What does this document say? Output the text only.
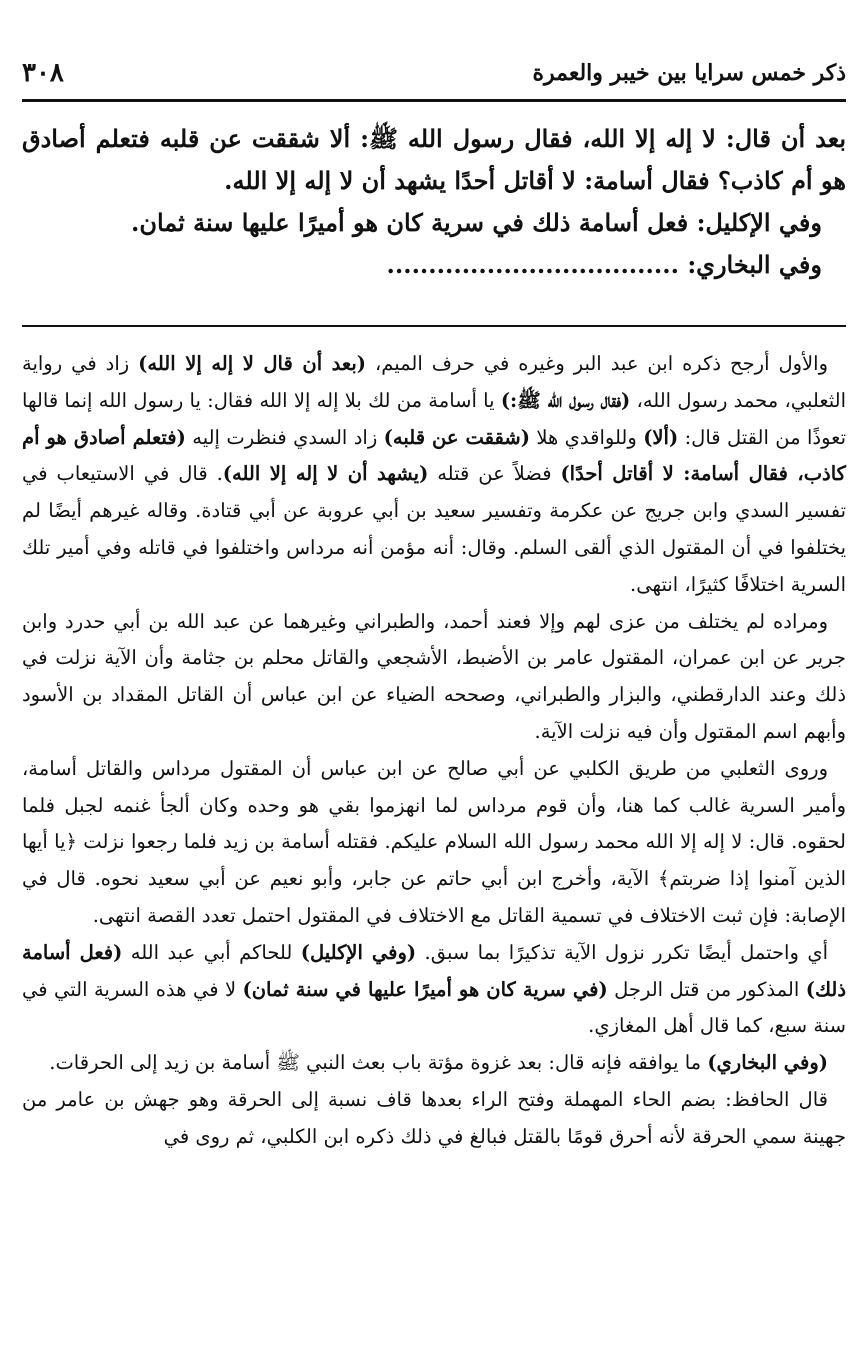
٣٠٨	ذكر خمس سرايا بين خيبر والعمرة

بعد أن قال: لا إله إلا الله، فقال رسول الله ﷺ: ألا شققت عن قلبه فتعلم أصادق هو أم كاذب؟ فقال أسامة: لا أقاتل أحدًا يشهد أن لا إله إلا الله.

وفي الإكليل: فعل أسامة ذلك في سرية كان هو أميرًا عليها سنة ثمان.

وفي البخاري: ...................................

والأول أرجح ذكره ابن عبد البر وغيره في حرف الميم، (بعد أن قال لا إله إلا الله) زاد في رواية الثعلبي، محمد رسول الله، (فقال رسول الله ﷺ:) يا أسامة من لك بلا إله إلا الله فقال: يا رسول الله إنما قالها تعوذًا من القتل قال: (ألا) وللواقدي هلا (شققت عن قلبه) زاد السدي فنظرت إليه (فتعلم أصادق هو أم كاذب، فقال أسامة: لا أقاتل أحدًا) فضلاً عن قتله (يشهد أن لا إله إلا الله). قال في الاستيعاب في تفسير السدي وابن جريج عن عكرمة وتفسير سعيد بن أبي عروبة عن أبي قتادة. وقاله غيرهم أيضًا لم يختلفوا في أن المقتول الذي ألقى السلم. وقال: أنه مؤمن أنه مرداس واختلفوا في قاتله وفي أمير تلك السرية اختلافًا كثيرًا، انتهى.

ومراده لم يختلف من عزى لهم وإلا فعند أحمد، والطبراني وغيرهما عن عبد الله بن أبي حدرد وابن جرير عن ابن عمران، المقتول عامر بن الأضبط، الأشجعي والقاتل محلم بن جثامة وأن الآية نزلت في ذلك وعند الدارقطني، والبزار والطبراني، وصححه الضياء عن ابن عباس أن القاتل المقداد بن الأسود وأبهم اسم المقتول وأن فيه نزلت الآية.

وروى الثعلبي من طريق الكلبي عن أبي صالح عن ابن عباس أن المقتول مرداس والقاتل أسامة، وأمير السرية غالب كما هنا، وأن قوم مرداس لما انهزموا بقي هو وحده وكان ألجأ غنمه لجبل فلما لحقوه. قال: لا إله إلا الله محمد رسول الله السلام عليكم. فقتله أسامة بن زيد فلما رجعوا نزلت ﴿يا أيها الذين آمنوا إذا ضربتم﴾ الآية، وأخرج ابن أبي حاتم عن جابر، وأبو نعيم عن أبي سعيد نحوه. قال في الإصابة: فإن ثبت الاختلاف في تسمية القاتل مع الاختلاف في المقتول احتمل تعدد القصة انتهى.

أي واحتمل أيضًا تكرر نزول الآية تذكيرًا بما سبق. (وفي الإكليل) للحاكم أبي عبد الله (فعل أسامة ذلك) المذكور من قتل الرجل (في سرية كان هو أميرًا عليها في سنة ثمان) لا في هذه السرية التي في سنة سبع، كما قال أهل المغازي.

(وفي البخاري) ما يوافقه فإنه قال: بعد غزوة مؤتة باب بعث النبي ﷺ أسامة بن زيد إلى الحرقات.

قال الحافظ: بضم الحاء المهملة وفتح الراء بعدها قاف نسبة إلى الحرقة وهو جهش بن عامر من جهينة سمي الحرقة لأنه أحرق قومًا بالقتل فبالغ في ذلك ذكره ابن الكلبي، ثم روى في
